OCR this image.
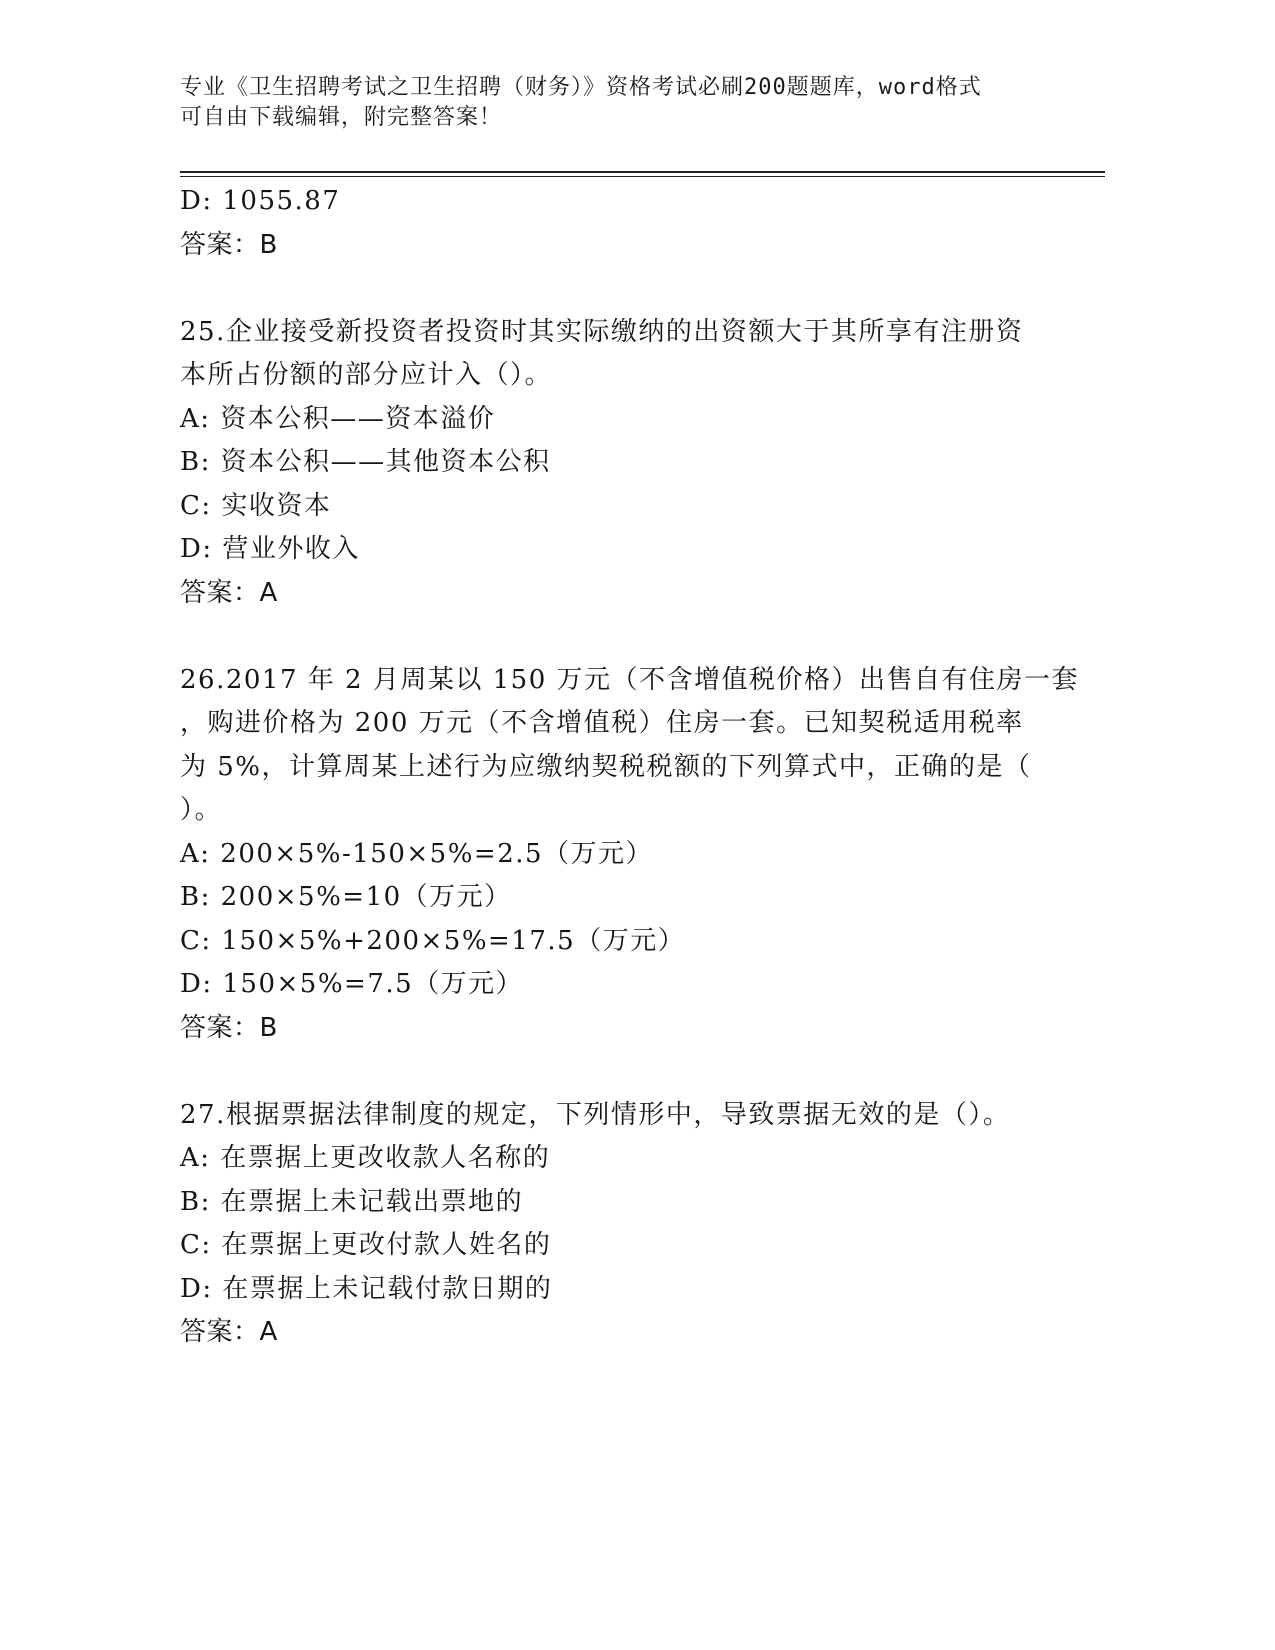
专业《卫生招聘考试之卫生招聘（财务）》资格考试必刷200题题库，word格式
可自由下载编辑，附完整答案！
D: 1055.87
答案：B
25.企业接受新投资者投资时其实际缴纳的出资额大于其所享有注册资
本所占份额的部分应计入（）。
A: 资本公积——资本溢价
B: 资本公积——其他资本公积
C: 实收资本
D: 营业外收入
答案：A
26.2017 年 2 月周某以 150 万元（不含增值税价格）出售自有住房一套
，购进价格为 200 万元（不含增值税）住房一套。已知契税适用税率
为 5%，计算周某上述行为应缴纳契税税额的下列算式中，正确的是（
）。
A: 200×5%-150×5%=2.5（万元）
B: 200×5%=10（万元）
C: 150×5%+200×5%=17.5（万元）
D: 150×5%=7.5（万元）
答案：B
27.根据票据法律制度的规定，下列情形中，导致票据无效的是（）。
A: 在票据上更改收款人名称的
B: 在票据上未记载出票地的
C: 在票据上更改付款人姓名的
D: 在票据上未记载付款日期的
答案：A
